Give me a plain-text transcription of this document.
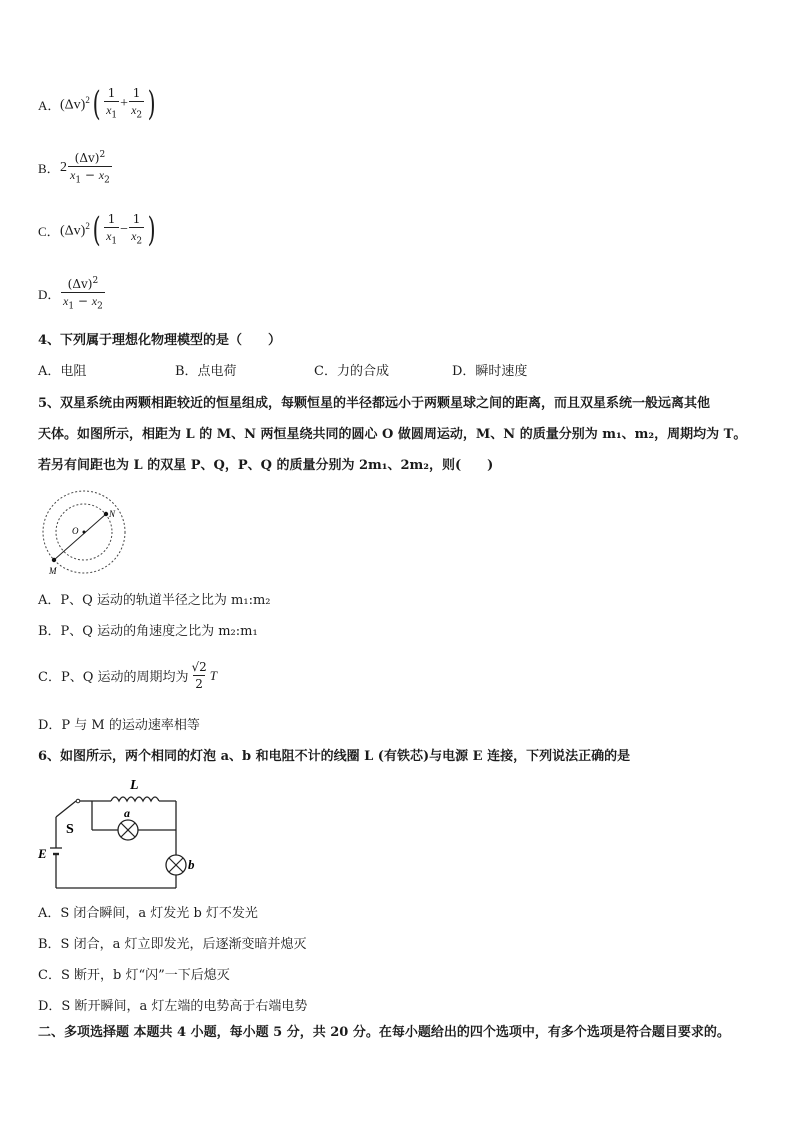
A． $(\Delta v)^2$ ( $\frac{1}{x_1} + \frac{1}{x_2}$ )
B． $2 \frac{(\Delta v)^2}{x_1 - x_2}$
C． $(\Delta v)^2$ ( $\frac{1}{x_1} - \frac{1}{x_2}$ )
D． $\frac{(\Delta v)^2}{x_1 - x_2}$
4、下列属于理想化物理模型的是（　　）
A．电阻	B．点电荷	C．力的合成	D．瞬时速度
5、双星系统由两颗相距较近的恒星组成，每颗恒星的半径都远小于两颗星球之间的距离，而且双星系统一般远离其他
天体。如图所示，相距为 L 的 M、N 两恒星绕共同的圆心 O 做圆周运动，M、N 的质量分别为 m₁、m₂，周期均为 T。
若另有间距也为 L 的双星 P、Q，P、Q 的质量分别为 2m₁、2m₂，则(　　)
N
O
M
A．P、Q 运动的轨道半径之比为 m₁:m₂
B．P、Q 运动的角速度之比为 m₂:m₁
C．P、Q 运动的周期均为 $\frac{√2}{2}$ T
D．P 与 M 的运动速率相等
6、如图所示，两个相同的灯泡 a、b 和电阻不计的线圈 L (有铁芯)与电源 E 连接，下列说法正确的是
L
S
a
E
b
A．S 闭合瞬间，a 灯发光 b 灯不发光
B．S 闭合，a 灯立即发光，后逐渐变暗并熄灭
C．S 断开，b 灯“闪”一下后熄灭
D．S 断开瞬间，a 灯左端的电势高于右端电势
二、多项选择题 本题共 4 小题，每小题 5 分，共 20 分。在每小题给出的四个选项中，有多个选项是符合题目要求的。
